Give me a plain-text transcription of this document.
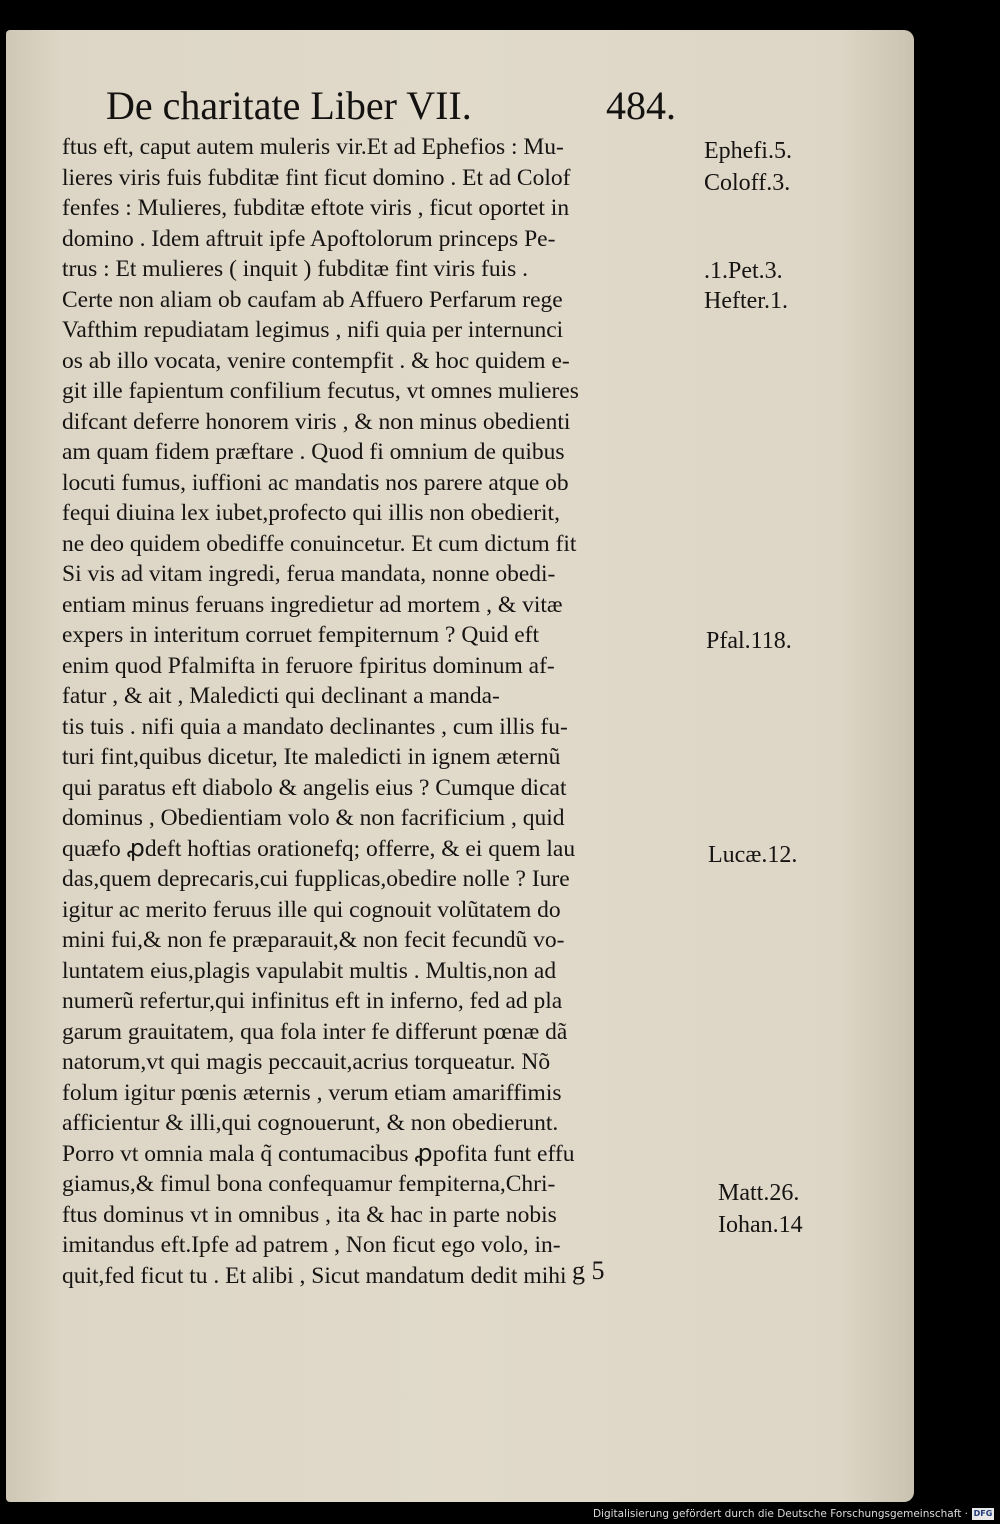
De charitate Liber VII.	484.
ftus eft, caput autem muleris vir.Et ad Ephefios : Mu-
lieres viris fuis fubditæ fint ficut domino . Et ad Colof
fenfes : Mulieres, fubditæ eftote viris , ficut oportet in
domino . Idem aftruit ipfe Apoftolorum princeps Pe-
trus : Et mulieres ( inquit ) fubditæ fint viris fuis .
Certe non aliam ob caufam ab Affuero Perfarum rege
Vafthim repudiatam legimus , nifi quia per internunci
os ab illo vocata, venire contempfit . & hoc quidem e-
git ille fapientum confilium fecutus, vt omnes mulieres
difcant deferre honorem viris , & non minus obedienti
am quam fidem præftare . Quod fi omnium de quibus
locuti fumus, iuffioni ac mandatis nos parere atque ob
fequi diuina lex iubet,profecto qui illis non obedierit,
ne deo quidem obediffe conuincetur. Et cum dictum fit
Si vis ad vitam ingredi, ferua mandata, nonne obedi-
entiam minus feruans ingredietur ad mortem , & vitæ
expers in interitum corruet fempiternum ? Quid eft
enim quod Pfalmifta in feruore fpiritus dominum af-
fatur , & ait , Maledicti qui declinant a manda-
tis tuis . nifi quia a mandato declinantes , cum illis fu-
turi fint,quibus dicetur, Ite maledicti in ignem æternũ
qui paratus eft diabolo & angelis eius ? Cumque dicat
dominus , Obedientiam volo & non facrificium , quid
quæfo ꝓdeft hoftias orationefq; offerre, & ei quem lau
das,quem deprecaris,cui fupplicas,obedire nolle ? Iure
igitur ac merito feruus ille qui cognouit volũtatem do
mini fui,& non fe præparauit,& non fecit fecundũ vo-
luntatem eius,plagis vapulabit multis . Multis,non ad
numerũ refertur,qui infinitus eft in inferno, fed ad pla
garum grauitatem, qua fola inter fe differunt pœnæ dã
natorum,vt qui magis peccauit,acrius torqueatur. Nõ
folum igitur pœnis æternis , verum etiam amariffimis
afficientur & illi,qui cognouerunt, & non obedierunt.
Porro vt omnia mala q̃ contumacibus ꝓpofita funt effu
giamus,& fimul bona confequamur fempiterna,Chri-
ftus dominus vt in omnibus , ita & hac in parte nobis
imitandus eft.Ipfe ad patrem , Non ficut ego volo, in-
quit,fed ficut tu . Et alibi , Sicut mandatum dedit mihi
Ephefi.5.
Coloff.3.
.1.Pet.3.
Hefter.1.
Pfal.118.
Lucæ.12.
Matt.26.
Iohan.14
g 5
Digitalisierung gefördert durch die Deutsche Forschungsgemeinschaft · DFG
